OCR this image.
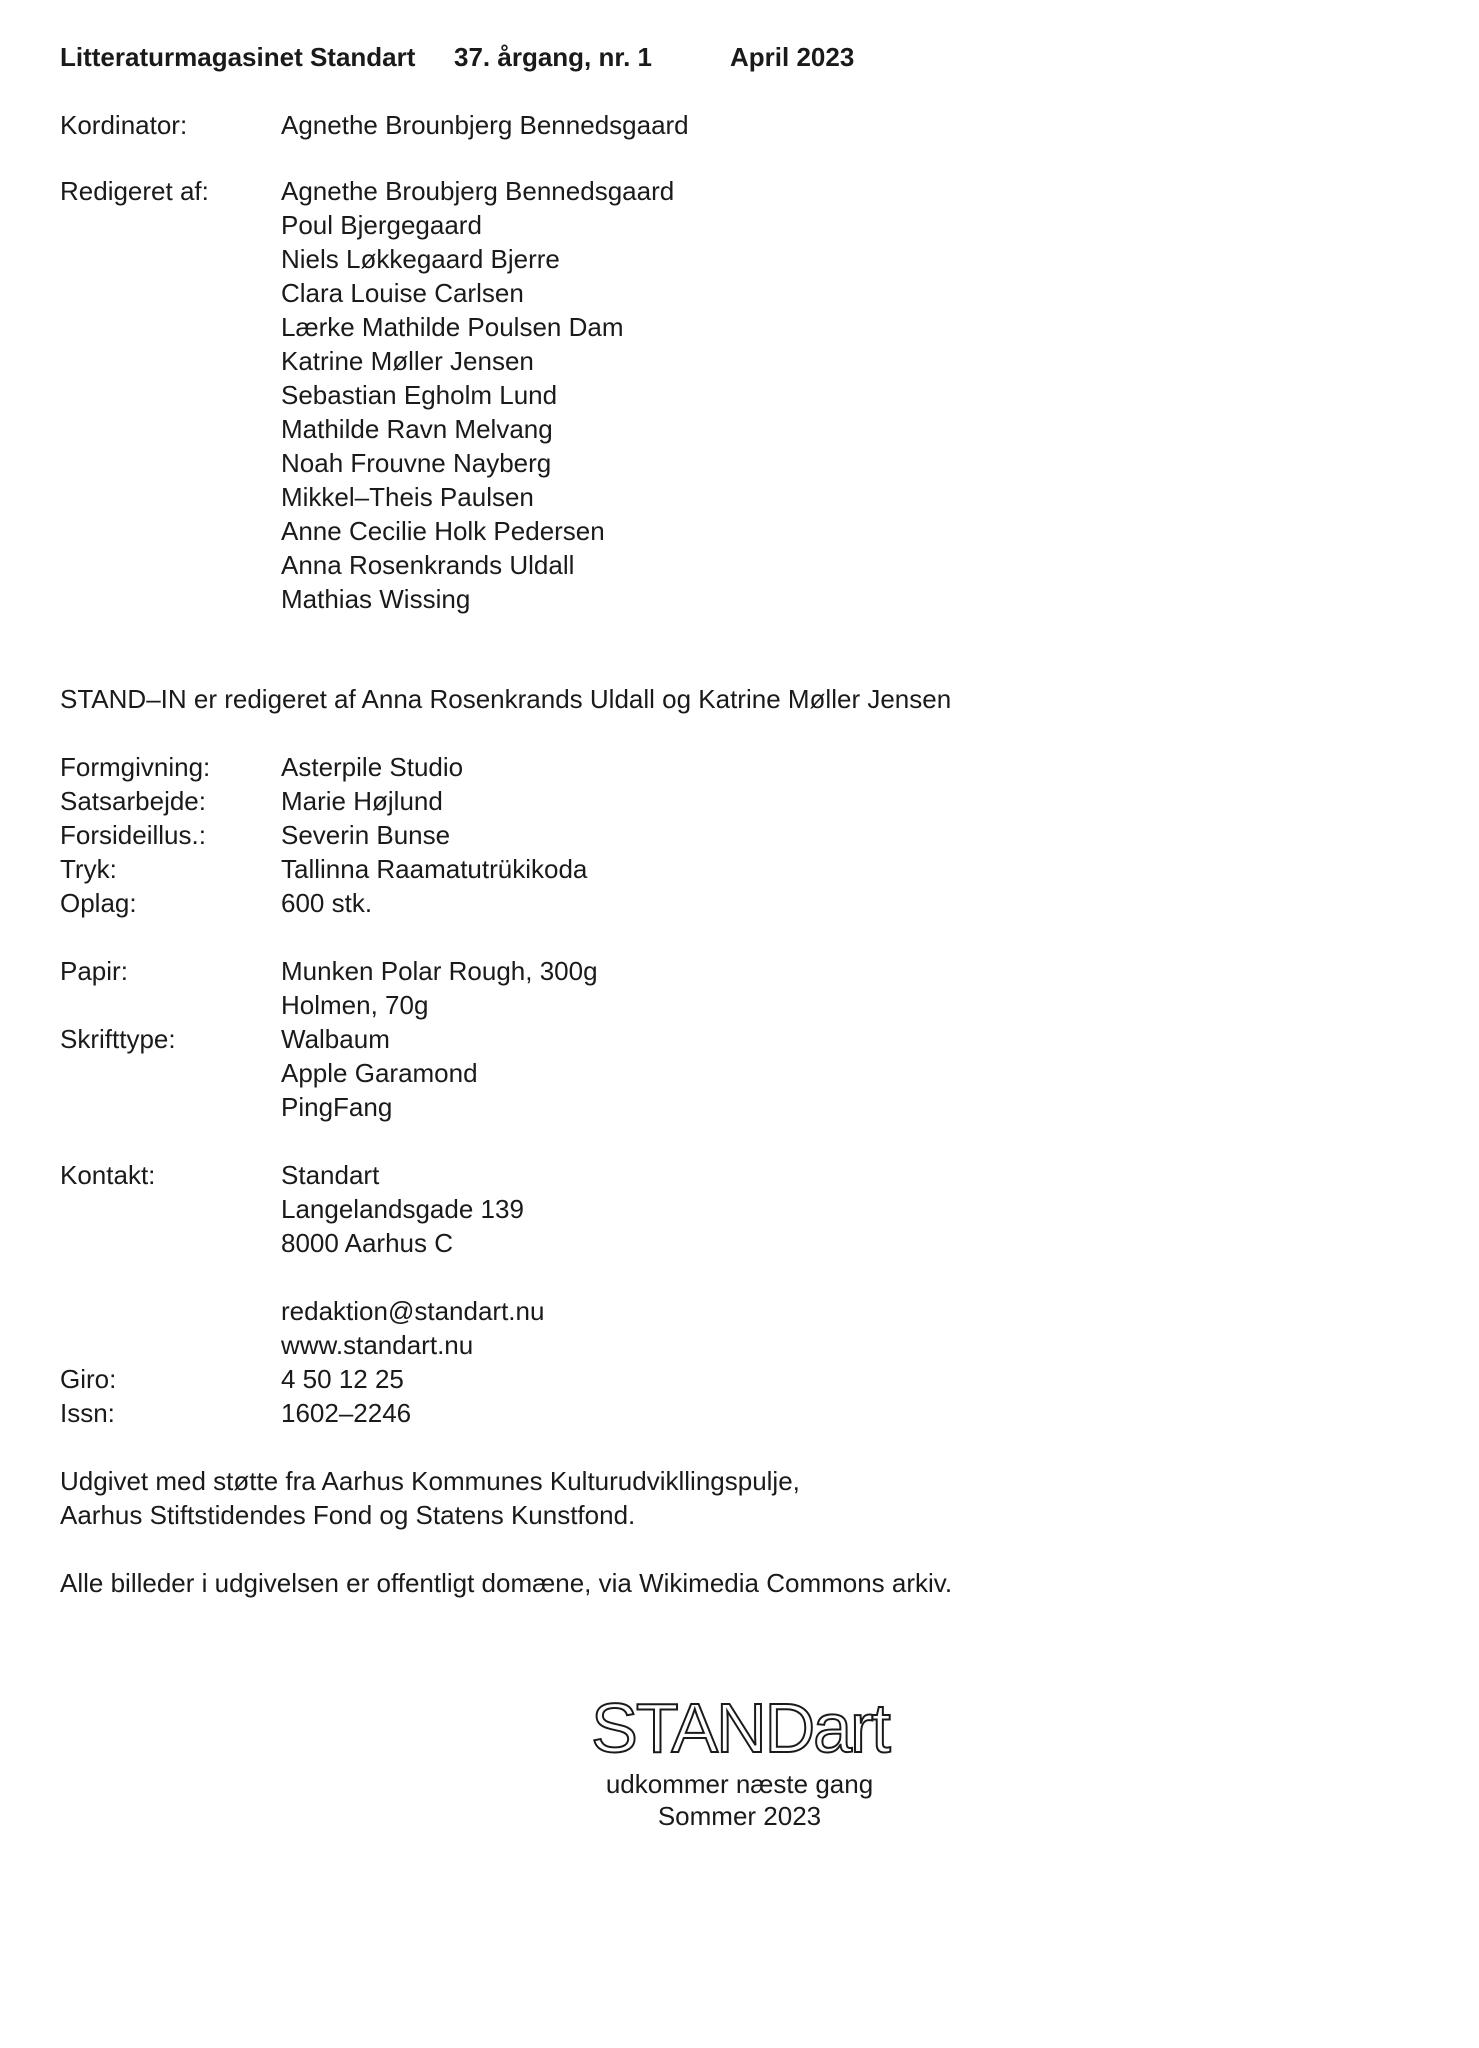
Litteraturmagasinet Standart	37. årgang, nr. 1	April 2023
Kordinator:	Agnethe Brounbjerg Bennedsgaard
Redigeret af:	Agnethe Broubjerg Bennedsgaard
Poul Bjergegaard
Niels Løkkegaard Bjerre
Clara Louise Carlsen
Lærke Mathilde Poulsen Dam
Katrine Møller Jensen
Sebastian Egholm Lund
Mathilde Ravn Melvang
Noah Frouvne Nayberg
Mikkel–Theis Paulsen
Anne Cecilie Holk Pedersen
Anna Rosenkrands Uldall
Mathias Wissing
STAND–IN er redigeret af Anna Rosenkrands Uldall og Katrine Møller Jensen
Formgivning:	Asterpile Studio
Satsarbejde:	Marie Højlund
Forsideillus.:	Severin Bunse
Tryk:	Tallinna Raamatutrükikoda
Oplag:	600 stk.
Papir:	Munken Polar Rough, 300g
Holmen, 70g
Skrifttype:	Walbaum
Apple Garamond
PingFang
Kontakt:	Standart
Langelandsgade 139
8000 Aarhus C
redaktion@standart.nu
www.standart.nu
Giro:	4 50 12 25
Issn:	1602–2246
Udgivet med støtte fra Aarhus Kommunes Kulturudvikllingspulje,
Aarhus Stiftstidendes Fond og Statens Kunstfond.
Alle billeder i udgivelsen er offentligt domæne, via Wikimedia Commons arkiv.
STANDart
udkommer næste gang
Sommer 2023
